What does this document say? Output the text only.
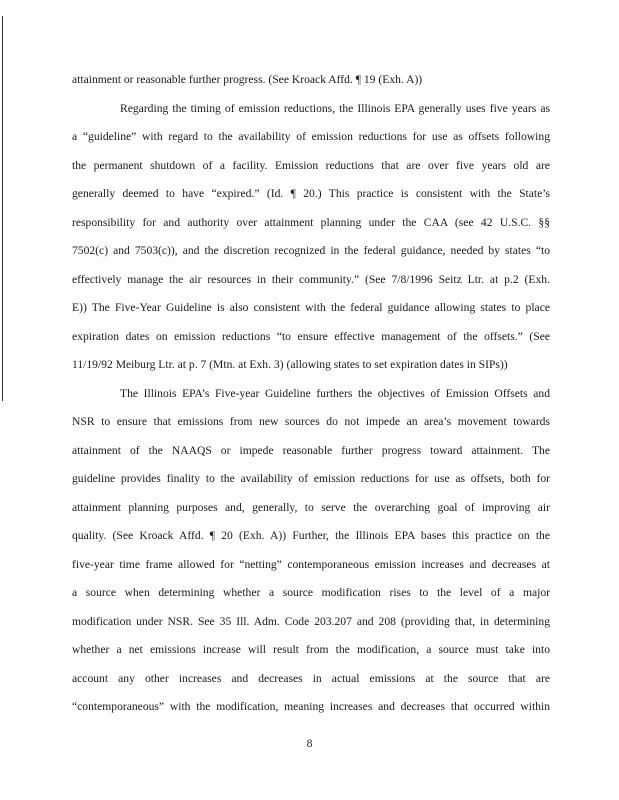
attainment or reasonable further progress. (See Kroack Affd. ¶ 19 (Exh. A))
Regarding the timing of emission reductions, the Illinois EPA generally uses five years as
a “guideline” with regard to the availability of emission reductions for use as offsets following
the permanent shutdown of a facility. Emission reductions that are over five years old are
generally deemed to have “expired.” (Id. ¶ 20.) This practice is consistent with the State’s
responsibility for and authority over attainment planning under the CAA (see 42 U.S.C. §§
7502(c) and 7503(c)), and the discretion recognized in the federal guidance, needed by states “to
effectively manage the air resources in their community.” (See 7/8/1996 Seitz Ltr. at p.2 (Exh.
E)) The Five-Year Guideline is also consistent with the federal guidance allowing states to place
expiration dates on emission reductions “to ensure effective management of the offsets.” (See
11/19/92 Meiburg Ltr. at p. 7 (Mtn. at Exh. 3) (allowing states to set expiration dates in SIPs))
The Illinois EPA’s Five-year Guideline furthers the objectives of Emission Offsets and
NSR to ensure that emissions from new sources do not impede an area’s movement towards
attainment of the NAAQS or impede reasonable further progress toward attainment. The
guideline provides finality to the availability of emission reductions for use as offsets, both for
attainment planning purposes and, generally, to serve the overarching goal of improving air
quality. (See Kroack Affd. ¶ 20 (Exh. A)) Further, the Illinois EPA bases this practice on the
five-year time frame allowed for “netting” contemporaneous emission increases and decreases at
a source when determining whether a source modification rises to the level of a major
modification under NSR. See 35 Ill. Adm. Code 203.207 and 208 (providing that, in determining
whether a net emissions increase will result from the modification, a source must take into
account any other increases and decreases in actual emissions at the source that are
“contemporaneous” with the modification, meaning increases and decreases that occurred within
8
